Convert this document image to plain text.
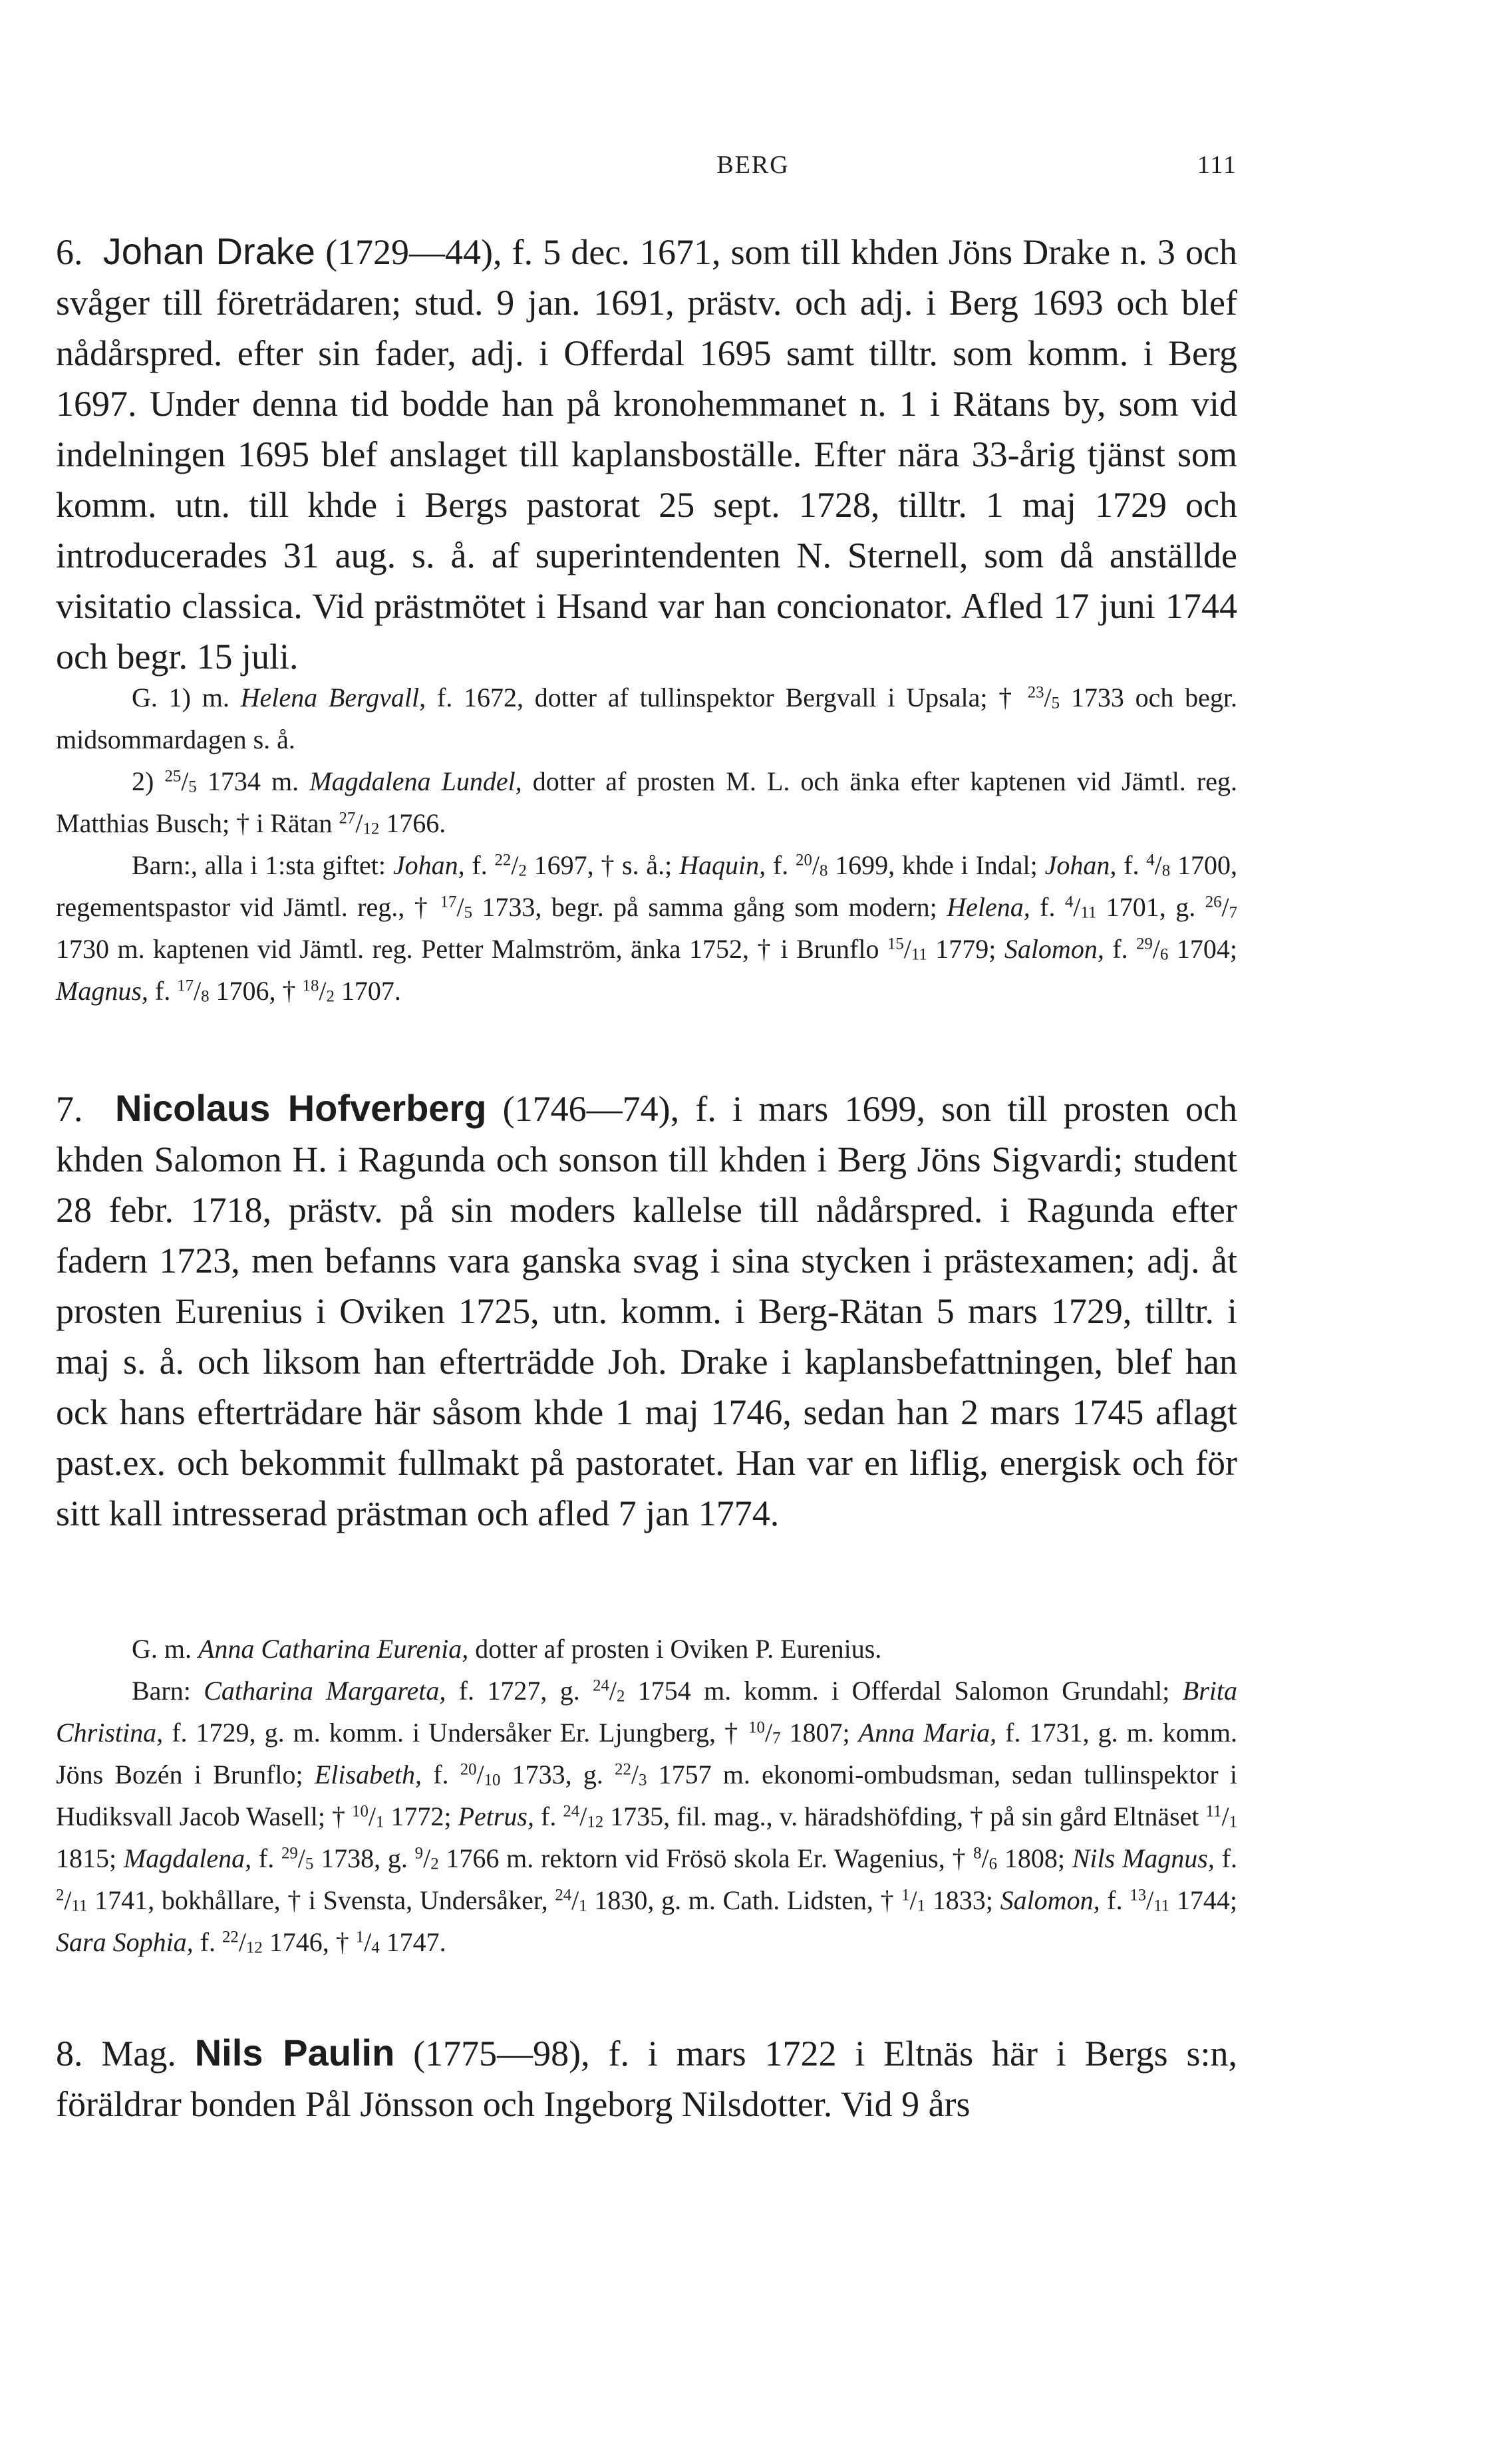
BERG	111

6. Johan Drake (1729—44), f. 5 dec. 1671, som till khden Jöns Drake n. 3 och svåger till företrädaren; stud. 9 jan. 1691, prästv. och adj. i Berg 1693 och blef nådårspred. efter sin fader, adj. i Offerdal 1695 samt tilltr. som komm. i Berg 1697. Under denna tid bodde han på kronohemmanet n. 1 i Rätans by, som vid indelningen 1695 blef anslaget till kaplansboställe. Efter nära 33-årig tjänst som komm. utn. till khde i Bergs pastorat 25 sept. 1728, tilltr. 1 maj 1729 och introducerades 31 aug. s. å. af superintendenten N. Sternell, som då anställde visitatio classica. Vid prästmötet i Hsand var han concionator. Afled 17 juni 1744 och begr. 15 juli.

G. 1) m. Helena Bergvall, f. 1672, dotter af tullinspektor Bergvall i Upsala; † $^{23}/_5$ 1733 och begr. midsommardagen s. å.

2) $^{25}/_5$ 1734 m. Magdalena Lundel, dotter af prosten M. L. och änka efter kaptenen vid Jämtl. reg. Matthias Busch; † i Rätan $^{27}/_{12}$ 1766.

Barn:, alla i 1:sta giftet: Johan, f. $^{22}/_2$ 1697, † s. å.; Haquin, f. $^{20}/_8$ 1699, khde i Indal; Johan, f. $^4/_8$ 1700, regementspastor vid Jämtl. reg., † $^{17}/_5$ 1733, begr. på samma gång som modern; Helena, f. $^4/_{11}$ 1701, g. $^{26}/_7$ 1730 m. kaptenen vid Jämtl. reg. Petter Malmström, änka 1752, † i Brunflo $^{15}/_{11}$ 1779; Salomon, f. $^{29}/_6$ 1704; Magnus, f. $^{17}/_8$ 1706, † $^{18}/_2$ 1707.

7. Nicolaus Hofverberg (1746—74), f. i mars 1699, son till prosten och khden Salomon H. i Ragunda och sonson till khden i Berg Jöns Sigvardi; student 28 febr. 1718, prästv. på sin moders kallelse till nådårspred. i Ragunda efter fadern 1723, men befanns vara ganska svag i sina stycken i prästexamen; adj. åt prosten Eurenius i Oviken 1725, utn. komm. i Berg-Rätan 5 mars 1729, tilltr. i maj s. å. och liksom han efterträdde Joh. Drake i kaplansbefattningen, blef han ock hans efterträdare här såsom khde 1 maj 1746, sedan han 2 mars 1745 aflagt past.ex. och bekommit fullmakt på pastoratet. Han var en liflig, energisk och för sitt kall intresserad prästman och afled 7 jan 1774.

G. m. Anna Catharina Eurenia, dotter af prosten i Oviken P. Eurenius.

Barn: Catharina Margareta, f. 1727, g. $^{24}/_2$ 1754 m. komm. i Offerdal Salomon Grundahl; Brita Christina, f. 1729, g. m. komm. i Undersåker Er. Ljungberg, † $^{10}/_7$ 1807; Anna Maria, f. 1731, g. m. komm. Jöns Bozén i Brunflo; Elisabeth, f. $^{20}/_{10}$ 1733, g. $^{22}/_3$ 1757 m. ekonomi-ombudsman, sedan tullinspektor i Hudiksvall Jacob Wasell; † $^{10}/_1$ 1772; Petrus, f. $^{24}/_{12}$ 1735, fil. mag., v. häradshöfding, † på sin gård Eltnäset $^{11}/_1$ 1815; Magdalena, f. $^{29}/_5$ 1738, g. $^9/_2$ 1766 m. rektorn vid Frösö skola Er. Wagenius, † $^8/_6$ 1808; Nils Magnus, f. $^2/_{11}$ 1741, bokhållare, † i Svensta, Undersåker, $^{24}/_1$ 1830, g. m. Cath. Lidsten, † $^1/_1$ 1833; Salomon, f. $^{13}/_{11}$ 1744; Sara Sophia, f. $^{22}/_{12}$ 1746, † $^1/_4$ 1747.

8. Mag. Nils Paulin (1775—98), f. i mars 1722 i Eltnäs här i Bergs s:n, föräldrar bonden Pål Jönsson och Ingeborg Nilsdotter. Vid 9 års
